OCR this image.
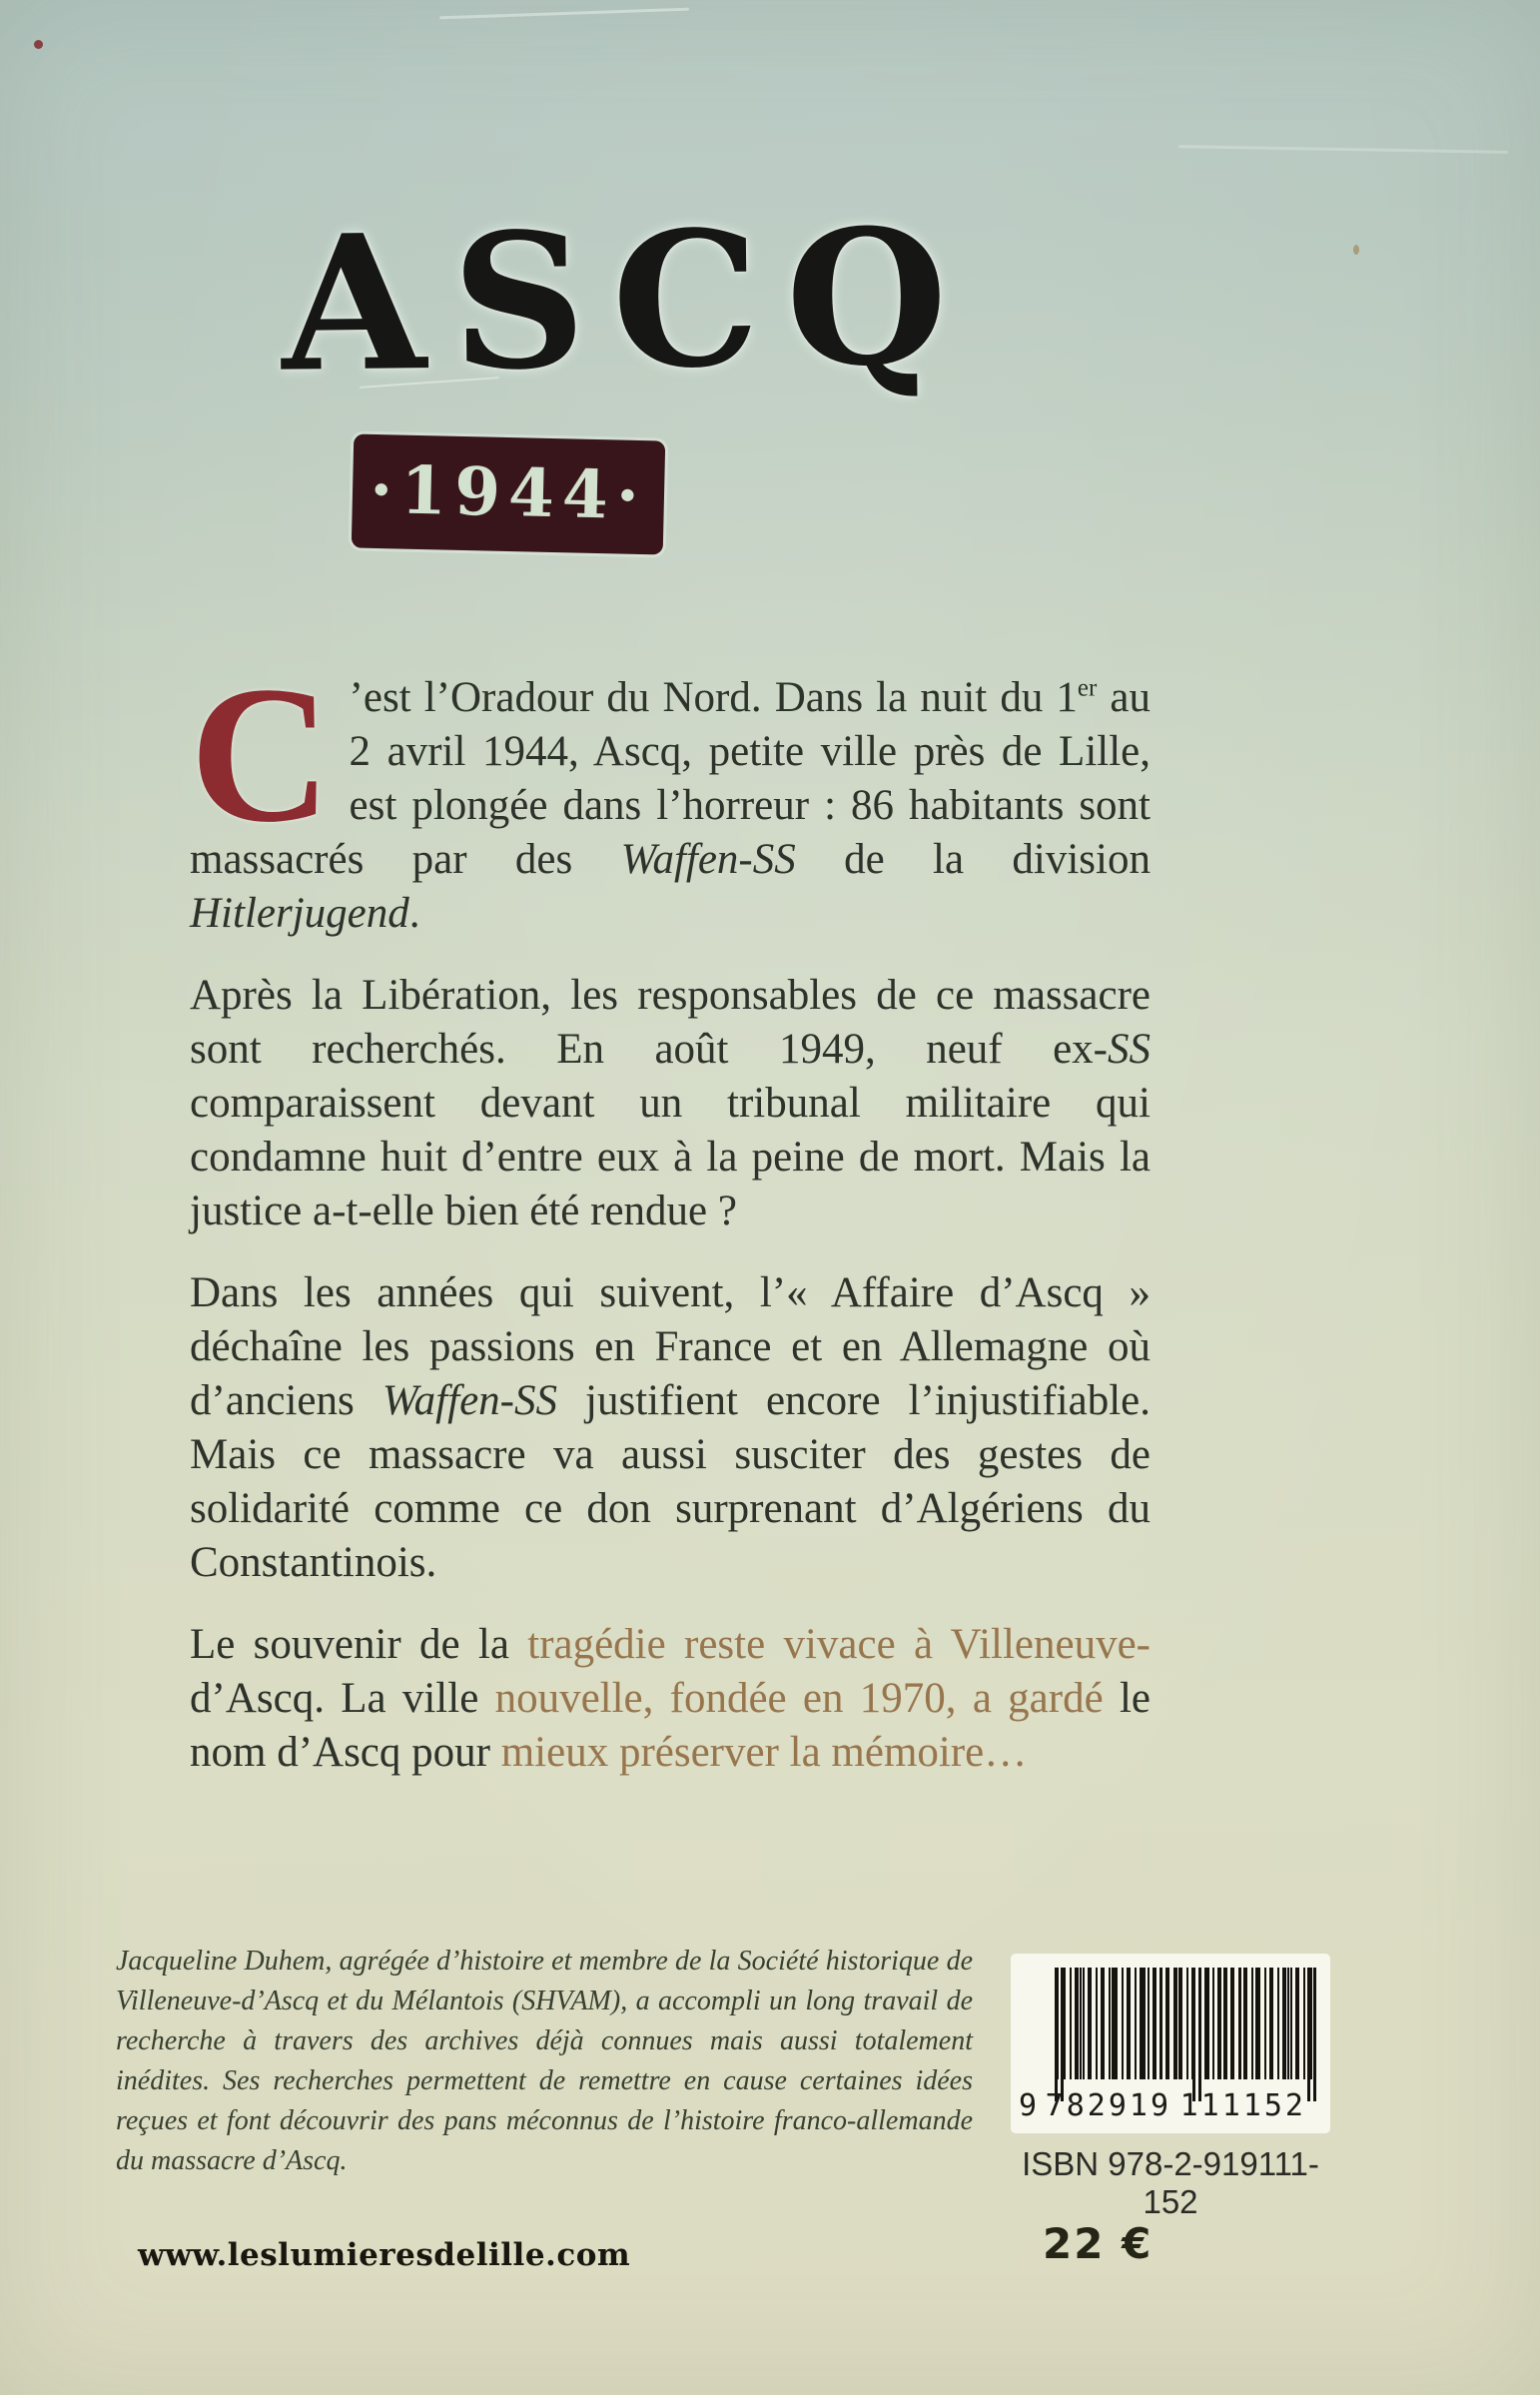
ASCQ
·1944·

C ’est l’Oradour du Nord. Dans la nuit du 1er au 2 avril 1944, Ascq, petite ville près de Lille, est plongée dans l’horreur : 86 habitants sont massacrés par des Waffen-SS de la division Hitlerjugend.

Après la Libération, les responsables de ce massacre sont recherchés. En août 1949, neuf ex-SS comparaissent devant un tribunal militaire qui condamne huit d’entre eux à la peine de mort. Mais la justice a-t-elle bien été rendue ?

Dans les années qui suivent, l’« Affaire d’Ascq » déchaîne les passions en France et en Allemagne où d’anciens Waffen-SS justifient encore l’injustifiable. Mais ce massacre va aussi susciter des gestes de solidarité comme ce don surprenant d’Algériens du Constantinois.

Le souvenir de la tragédie reste vivace à Villeneuve-d’Ascq. La ville nouvelle, fondée en 1970, a gardé le nom d’Ascq pour mieux préserver la mémoire…

Jacqueline Duhem, agrégée d’histoire et membre de la Société historique de Villeneuve-d’Ascq et du Mélantois (SHVAM), a accompli un long travail de recherche à travers des archives déjà connues mais aussi totalement inédites. Ses recherches permettent de remettre en cause certaines idées reçues et font découvrir des pans méconnus de l’histoire franco-allemande du massacre d’Ascq.
9 782919 111152
ISBN 978-2-919111-152
www.leslumieresdelille.com	22 €
